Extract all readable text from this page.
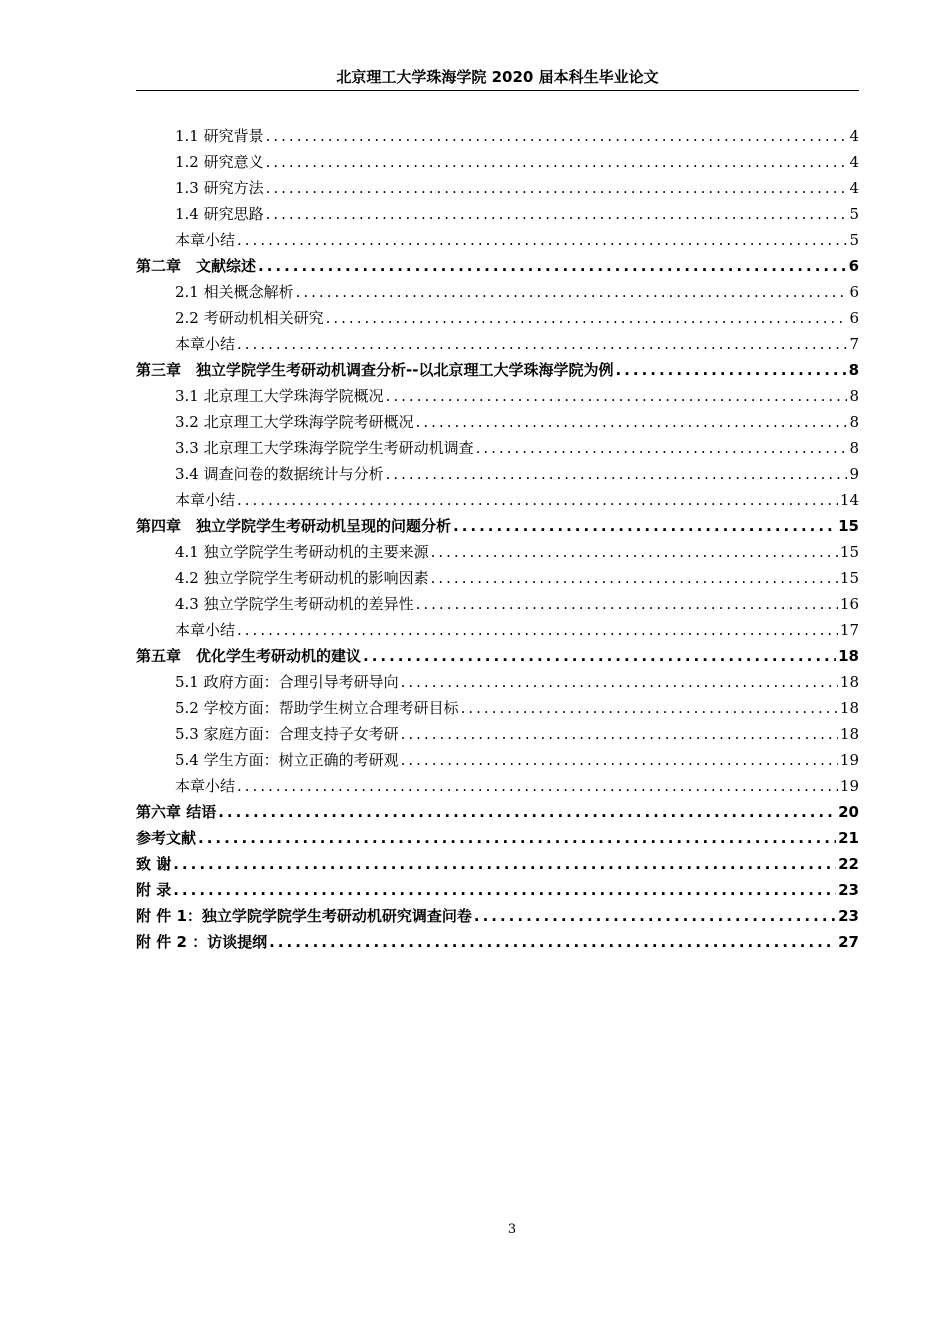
北京理工大学珠海学院 2020 届本科生毕业论文
1.1 研究背景 .....	4
1.2 研究意义 .....	4
1.3 研究方法 .....	4
1.4 研究思路 .....	5
本章小结 .....	5
第二章　文献综述 .....	6
2.1 相关概念解析 .....	6
2.2 考研动机相关研究 .....	6
本章小结 .....	7
第三章　独立学院学生考研动机调查分析--以北京理工大学珠海学院为例 .....	8
3.1 北京理工大学珠海学院概况 .....	8
3.2 北京理工大学珠海学院考研概况 .....	8
3.3 北京理工大学珠海学院学生考研动机调查 .....	8
3.4 调查问卷的数据统计与分析 .....	9
本章小结 .....	14
第四章　独立学院学生考研动机呈现的问题分析 .....	15
4.1 独立学院学生考研动机的主要来源 .....	15
4.2 独立学院学生考研动机的影响因素 .....	15
4.3 独立学院学生考研动机的差异性 .....	16
本章小结 .....	17
第五章　优化学生考研动机的建议 .....	18
5.1 政府方面：合理引导考研导向 .....	18
5.2 学校方面：帮助学生树立合理考研目标 .....	18
5.3 家庭方面：合理支持子女考研 .....	18
5.4 学生方面：树立正确的考研观 .....	19
本章小结 .....	19
第六章 结语 .....	20
参考文献 .....	21
致 谢 .....	22
附 录 .....	23
附 件 1：独立学院学院学生考研动机研究调查问卷 .....	23
附 件 2 ：访谈提纲 .....	27
3
